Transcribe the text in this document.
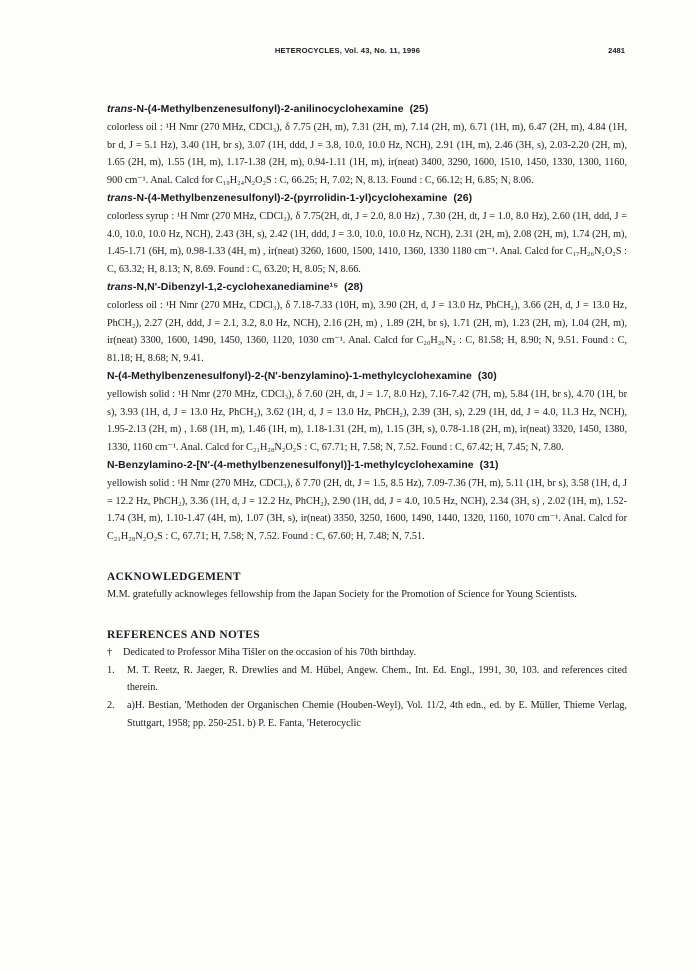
HETEROCYCLES, Vol. 43, No. 11, 1996	2481
trans-N-(4-Methylbenzenesulfonyl)-2-anilinocyclohexamine (25)

colorless oil : ¹H Nmr (270 MHz, CDCl₃), δ 7.75 (2H, m), 7.31 (2H, m), 7.14 (2H, m), 6.71 (1H, m), 6.47 (2H, m), 4.84 (1H, br d, J = 5.1 Hz), 3.40 (1H, br s), 3.07 (1H, ddd, J = 3.8, 10.0, 10.0 Hz, NCH), 2.91 (1H, m), 2.46 (3H, s), 2.03-2.20 (2H, m), 1.65 (2H, m), 1.55 (1H, m), 1.17-1.38 (2H, m), 0.94-1.11 (1H, m), ir(neat) 3400, 3290, 1600, 1510, 1450, 1330, 1300, 1160, 900 cm⁻¹. Anal. Calcd for C₁₉H₂₄N₂O₂S : C, 66.25; H, 7.02; N, 8.13. Found : C, 66.12; H, 6.85; N, 8.06.

trans-N-(4-Methylbenzenesulfonyl)-2-(pyrrolidin-1-yl)cyclohexamine (26)

colorless syrup : ¹H Nmr (270 MHz, CDCl₃), δ 7.75(2H, dt, J = 2.0, 8.0 Hz) , 7.30 (2H, dt, J = 1.0, 8.0 Hz), 2.60 (1H, ddd, J = 4.0, 10.0, 10.0 Hz, NCH), 2.43 (3H, s), 2.42 (1H, ddd, J = 3.0, 10.0, 10.0 Hz, NCH), 2.31 (2H, m), 2.08 (2H, m), 1.74 (2H, m), 1.45-1.71 (6H, m), 0.98-1.33 (4H, m) , ir(neat) 3260, 1600, 1500, 1410, 1360, 1330 1180 cm⁻¹. Anal. Calcd for C₁₇H₂₆N₂O₂S : C, 63.32; H, 8.13; N, 8.69. Found : C, 63.20; H, 8.05; N, 8.66.

trans-N,N'-Dibenzyl-1,2-cyclohexanediamine¹⁵ (28)

colorless oil : ¹H Nmr (270 MHz, CDCl₃), δ 7.18-7.33 (10H, m), 3.90 (2H, d, J = 13.0 Hz, PhCH₂), 3.66 (2H, d, J = 13.0 Hz, PhCH₂), 2.27 (2H, ddd, J = 2.1, 3.2, 8.0 Hz, NCH), 2.16 (2H, m) , 1.89 (2H, br s), 1.71 (2H, m), 1.23 (2H, m), 1.04 (2H, m), ir(neat) 3300, 1600, 1490, 1450, 1360, 1120, 1030 cm⁻¹. Anal. Calcd for C₂₀H₂₆N₂ : C, 81.58; H, 8.90; N, 9.51. Found : C, 81.18; H, 8.68; N, 9.41.

N-(4-Methylbenzenesulfonyl)-2-(N'-benzylamino)-1-methylcyclohexamine (30)

yellowish solid : ¹H Nmr (270 MHz, CDCl₃), δ 7.60 (2H, dt, J = 1.7, 8.0 Hz), 7.16-7.42 (7H, m), 5.84 (1H, br s), 4.70 (1H, br s), 3.93 (1H, d, J = 13.0 Hz, PhCH₂), 3.62 (1H, d, J = 13.0 Hz, PhCH₂), 2.39 (3H, s), 2.29 (1H, dd, J = 4.0, 11.3 Hz, NCH), 1.95-2.13 (2H, m) , 1.68 (1H, m), 1.46 (1H, m), 1.18-1.31 (2H, m), 1.15 (3H, s), 0.78-1.18 (2H, m), ir(neat) 3320, 1450, 1380, 1330, 1160 cm⁻¹. Anal. Calcd for C₂₁H₂₈N₂O₂S : C, 67.71; H, 7.58; N, 7.52. Found : C, 67.42; H, 7.45; N, 7.80.

N-Benzylamino-2-[N'-(4-methylbenzenesulfonyl)]-1-methylcyclohexamine (31)

yellowish solid : ¹H Nmr (270 MHz, CDCl₃), δ 7.70 (2H, dt, J = 1.5, 8.5 Hz), 7.09-7.36 (7H, m), 5.11 (1H, br s), 3.58 (1H, d, J = 12.2 Hz, PhCH₂), 3.36 (1H, d, J = 12.2 Hz, PhCH₂), 2.90 (1H, dd, J = 4.0, 10.5 Hz, NCH), 2.34 (3H, s) , 2.02 (1H, m), 1.52-1.74 (3H, m), 1.10-1.47 (4H, m), 1.07 (3H, s), ir(neat) 3350, 3250, 1600, 1490, 1440, 1320, 1160, 1070 cm⁻¹. Anal. Calcd for C₂₁H₂₈N₂O₂S : C, 67.71; H, 7.58; N, 7.52. Found : C, 67.60; H, 7.48; N, 7.51.

ACKNOWLEDGEMENT

M.M. gratefully acknowleges fellowship from the Japan Society for the Promotion of Science for Young Scientists.

REFERENCES AND NOTES
† Dedicated to Professor Miha Tišler on the occasion of his 70th birthday.
1. M. T. Reetz, R. Jaeger, R. Drewlies and M. Hübel, Angew. Chem., Int. Ed. Engl., 1991, 30, 103. and references cited therein.
2. a)H. Bestian, 'Methoden der Organischen Chemie (Houben-Weyl), Vol. 11/2, 4th edn., ed. by E. Müller, Thieme Verlag, Stuttgart, 1958; pp. 250-251. b) P. E. Fanta, 'Heterocyclic
